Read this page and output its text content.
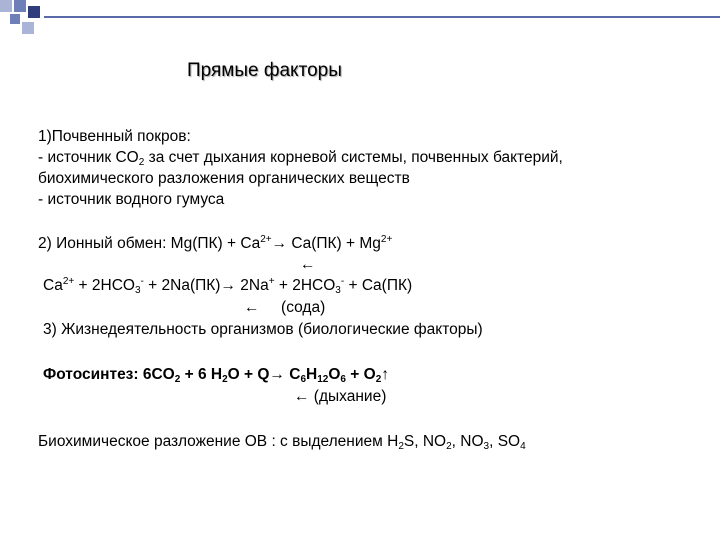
Прямые факторы
1)Почвенный покров:
- источник $CO_2$ за счет дыхания корневой системы, почвенных бактерий,
биохимического разложения органических веществ
- источник водного гумуса
2) Ионный обмен: $Mg(ПК) + Ca^{2+}\to Ca(ПК) + Mg^{2+}$
←
$Ca^{2+} + 2HCO_3^- + 2Na(ПК)\to 2Na^+ + 2HCO_3^- + Ca(ПК)$
← (сода)
3) Жизнедеятельность организмов (биологические факторы)
Фотосинтез: $6CO_2 + 6$ $H_2O + Q\to C_6H_{12}O_6$ + $O_2↑$
← (дыхание)
Биохимическое разложение ОВ : с выделением $H_2S$, $NO_2$, $NO_3$, $SO_4$
